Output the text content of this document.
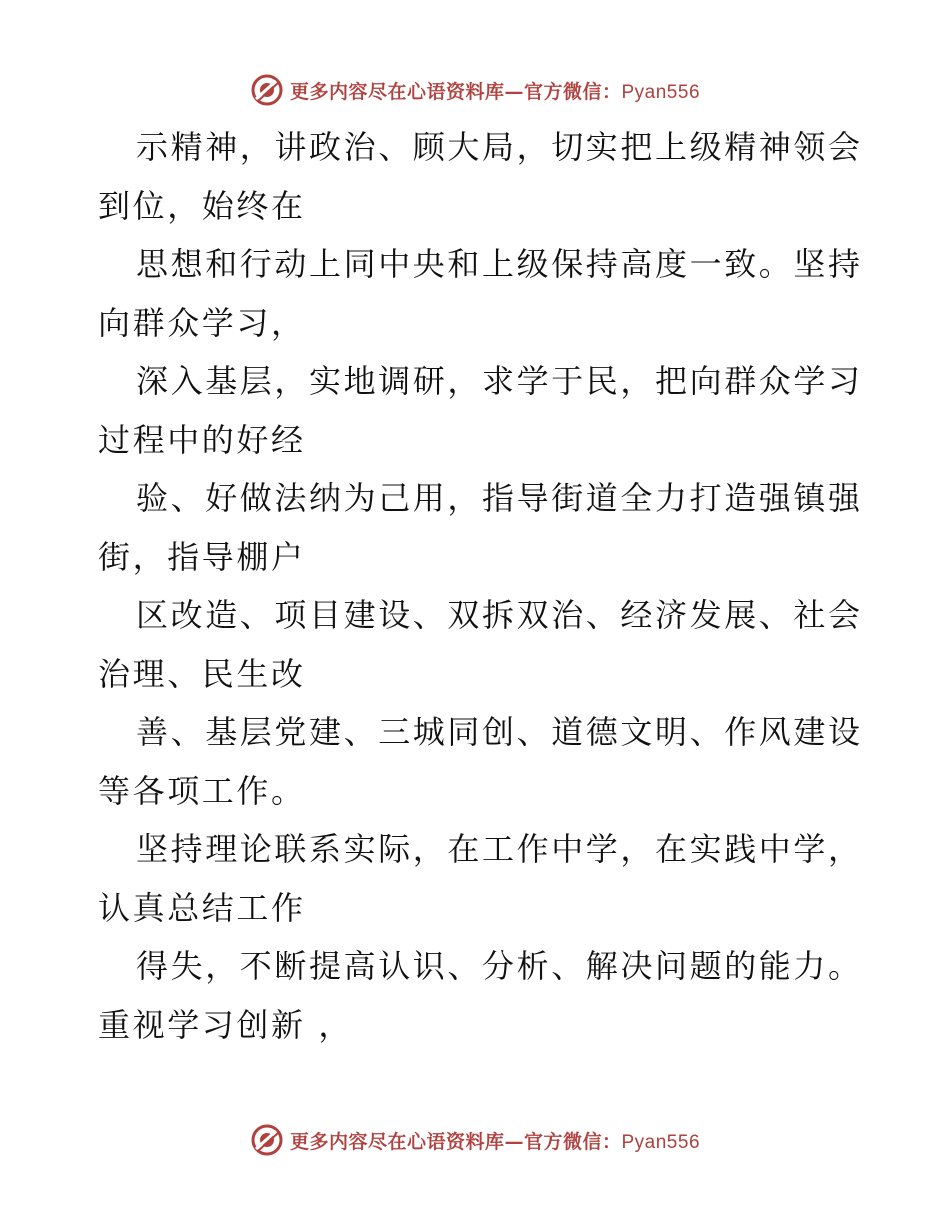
更多内容尽在心语资料库—官方微信：Pyan556
示精神，讲政治、顾大局，切实把上级精神领会
到位，始终在
思想和行动上同中央和上级保持高度一致。坚持
向群众学习，
深入基层，实地调研，求学于民，把向群众学习
过程中的好经
验、好做法纳为己用，指导街道全力打造强镇强
街，指导棚户
区改造、项目建设、双拆双治、经济发展、社会
治理、民生改
善、基层党建、三城同创、道德文明、作风建设
等各项工作。
坚持理论联系实际，在工作中学，在实践中学，
认真总结工作
得失，不断提高认识、分析、解决问题的能力。
重视学习创新 ，
更多内容尽在心语资料库—官方微信：Pyan556
